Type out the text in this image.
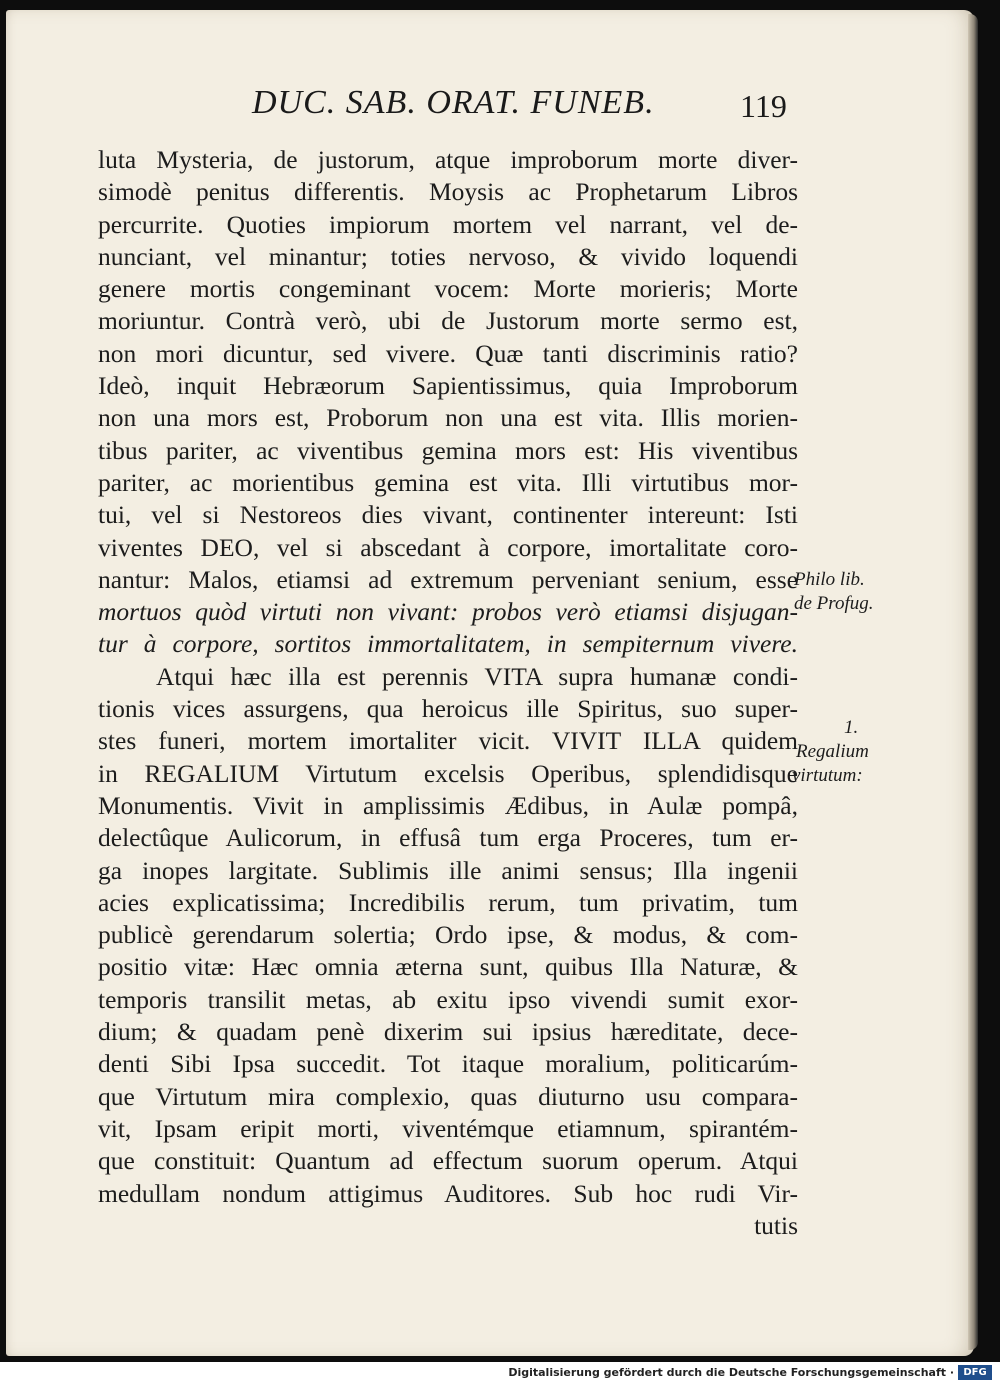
DUC. SAB. ORAT. FUNEB.	119
luta Mysteria, de justorum, atque improborum morte diver-
simodè penitus differentis. Moysis ac Prophetarum Libros
percurrite. Quoties impiorum mortem vel narrant, vel de-
nunciant, vel minantur; toties nervoso, & vivido loquendi
genere mortis congeminant vocem: Morte morieris; Morte
moriuntur. Contrà verò, ubi de Justorum morte sermo est,
non mori dicuntur, sed vivere. Quæ tanti discriminis ratio?
Ideò, inquit Hebræorum Sapientissimus, quia Improborum
non una mors est, Proborum non una est vita. Illis morien-
tibus pariter, ac viventibus gemina mors est: His viventibus
pariter, ac morientibus gemina est vita. Illi virtutibus mor-
tui, vel si Nestoreos dies vivant, continenter intereunt: Isti
viventes DEO, vel si abscedant à corpore, imortalitate coro-
nantur: Malos, etiamsi ad extremum perveniant senium, esse
mortuos quòd virtuti non vivant: probos verò etiamsi disjugan-
tur à corpore, sortitos immortalitatem, in sempiternum vivere.
Atqui hæc illa est perennis VITA supra humanæ condi-
tionis vices assurgens, qua heroicus ille Spiritus, suo super-
stes funeri, mortem imortaliter vicit. VIVIT ILLA quidem
in REGALIUM Virtutum excelsis Operibus, splendidisque
Monumentis. Vivit in amplissimis Ædibus, in Aulæ pompâ,
delectûque Aulicorum, in effusâ tum erga Proceres, tum er-
ga inopes largitate. Sublimis ille animi sensus; Illa ingenii
acies explicatissima; Incredibilis rerum, tum privatim, tum
publicè gerendarum solertia; Ordo ipse, & modus, & com-
positio vitæ: Hæc omnia æterna sunt, quibus Illa Naturæ, &
temporis transilit metas, ab exitu ipso vivendi sumit exor-
dium; & quadam penè dixerim sui ipsius hæreditate, dece-
denti Sibi Ipsa succedit. Tot itaque moralium, politicarúm-
que Virtutum mira complexio, quas diuturno usu compara-
vit, Ipsam eripit morti, viventémque etiamnum, spirantém-
que constituit: Quantum ad effectum suorum operum. Atqui
medullam nondum attigimus Auditores. Sub hoc rudi Vir-
tutis
Philo lib.
de Profug.
1.
Regalium
virtutum:
Digitalisierung gefördert durch die Deutsche Forschungsgemeinschaft · DFG
